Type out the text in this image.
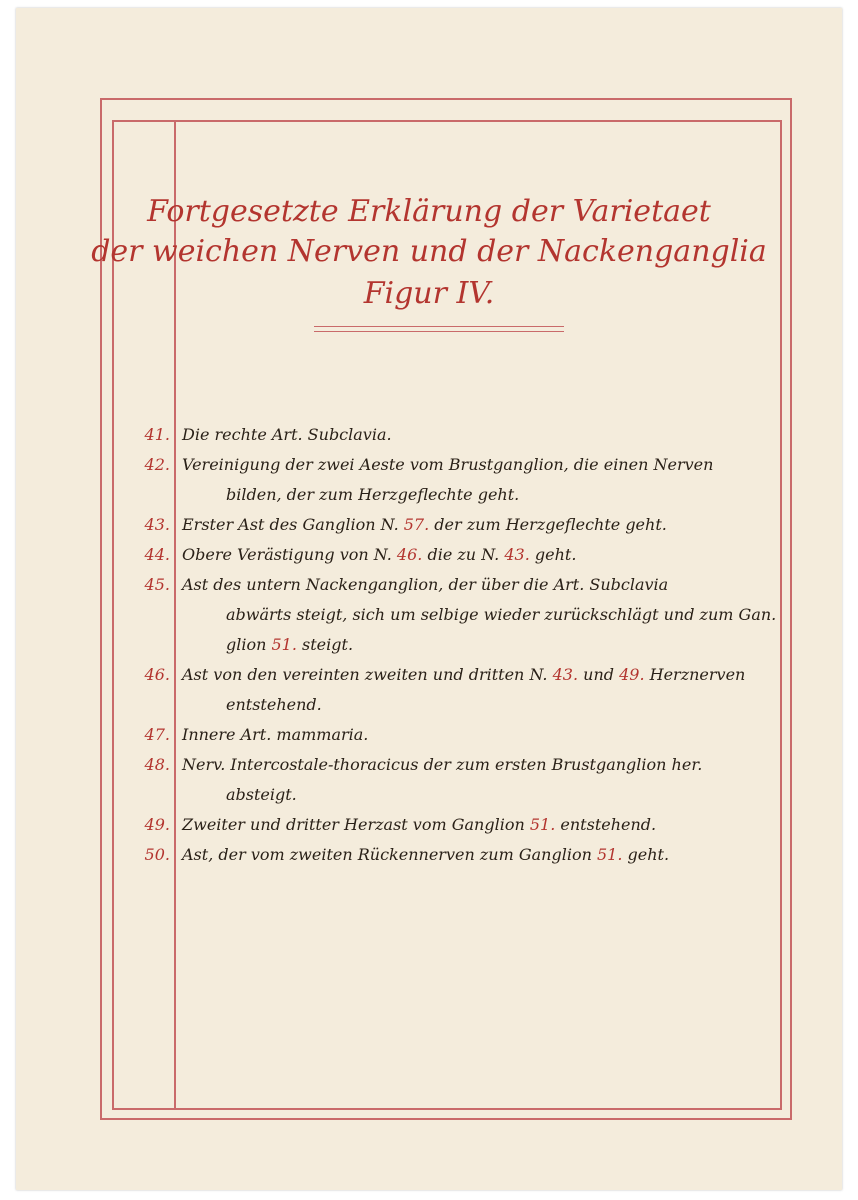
Fortgesetzte Erklärung der Varietaet
der weichen Nerven und der Nackenganglia
Figur IV.
41. Die rechte Art. Subclavia.
42. Vereinigung der zwei Aeste vom Brustganglion, die einen Nerven
bilden, der zum Herzgeflechte geht.
43. Erster Ast des Ganglion N. 57. der zum Herzgeflechte geht.
44. Obere Verästigung von N. 46. die zu N. 43. geht.
45. Ast des untern Nackenganglion, der über die Art. Subclavia
abwärts steigt, sich um selbige wieder zurückschlägt und zum Gan.
glion 51. steigt.
46. Ast von den vereinten zweiten und dritten N. 43. und 49. Herznerven
entstehend.
47. Innere Art. mammaria.
48. Nerv. Intercostale-thoracicus der zum ersten Brustganglion her.
absteigt.
49. Zweiter und dritter Herzast vom Ganglion 51. entstehend.
50. Ast, der vom zweiten Rückennerven zum Ganglion 51. geht.
